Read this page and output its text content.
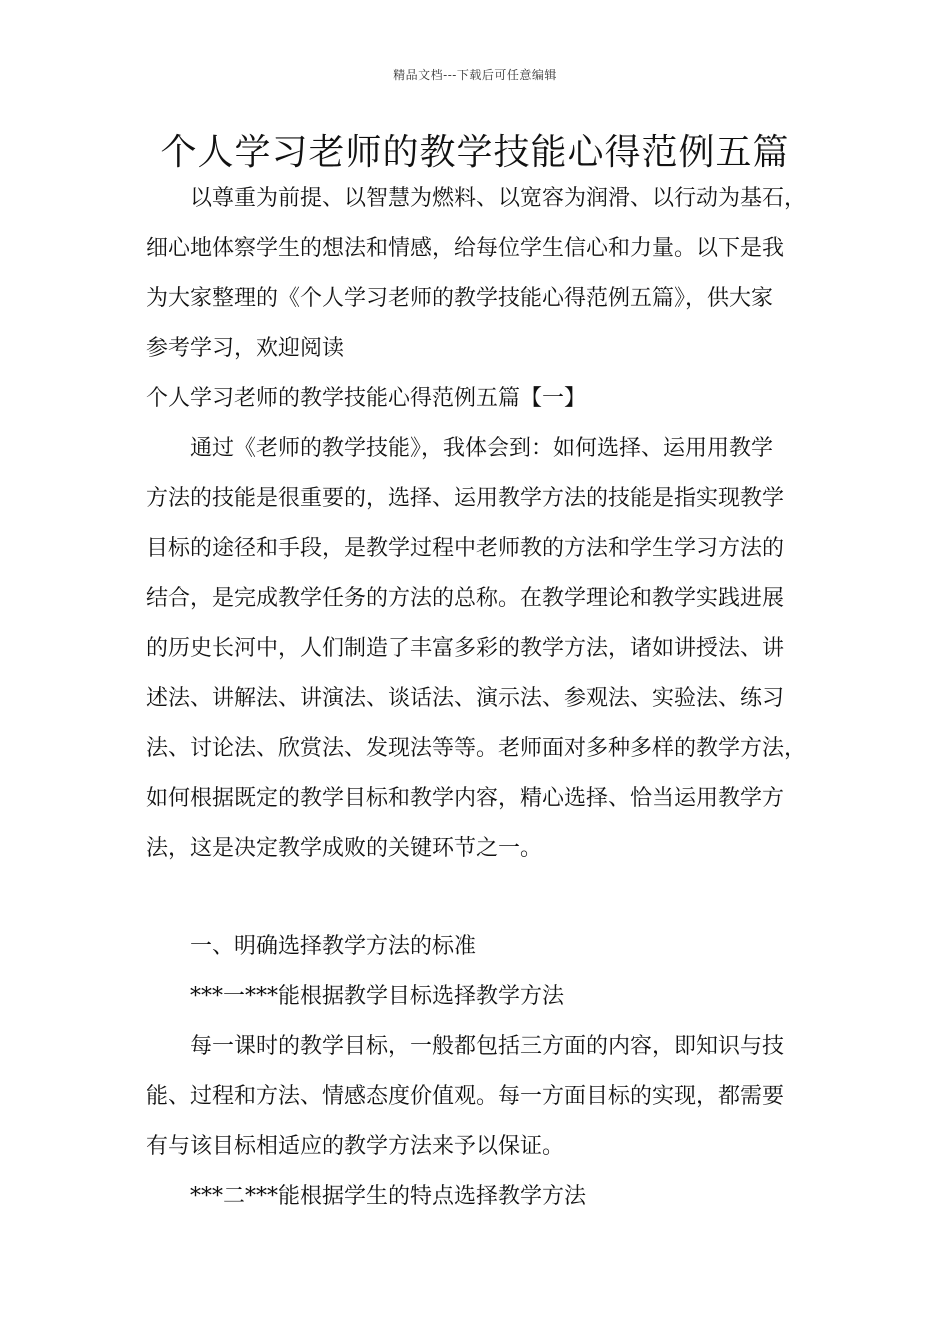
精品文档---下载后可任意编辑
个人学习老师的教学技能心得范例五篇
以尊重为前提、以智慧为燃料、以宽容为润滑、以行动为基石，
细心地体察学生的想法和情感，给每位学生信心和力量。以下是我
为大家整理的《个人学习老师的教学技能心得范例五篇》，供大家
参考学习，欢迎阅读
个人学习老师的教学技能心得范例五篇【一】
通过《老师的教学技能》，我体会到：如何选择、运用用教学
方法的技能是很重要的，选择、运用教学方法的技能是指实现教学
目标的途径和手段，是教学过程中老师教的方法和学生学习方法的
结合，是完成教学任务的方法的总称。在教学理论和教学实践进展
的历史长河中，人们制造了丰富多彩的教学方法，诸如讲授法、讲
述法、讲解法、讲演法、谈话法、演示法、参观法、实验法、练习
法、讨论法、欣赏法、发现法等等。老师面对多种多样的教学方法，
如何根据既定的教学目标和教学内容，精心选择、恰当运用教学方
法，这是决定教学成败的关键环节之一。
一、明确选择教学方法的标准
***一***能根据教学目标选择教学方法
每一课时的教学目标，一般都包括三方面的内容，即知识与技
能、过程和方法、情感态度价值观。每一方面目标的实现，都需要
有与该目标相适应的教学方法来予以保证。
***二***能根据学生的特点选择教学方法
